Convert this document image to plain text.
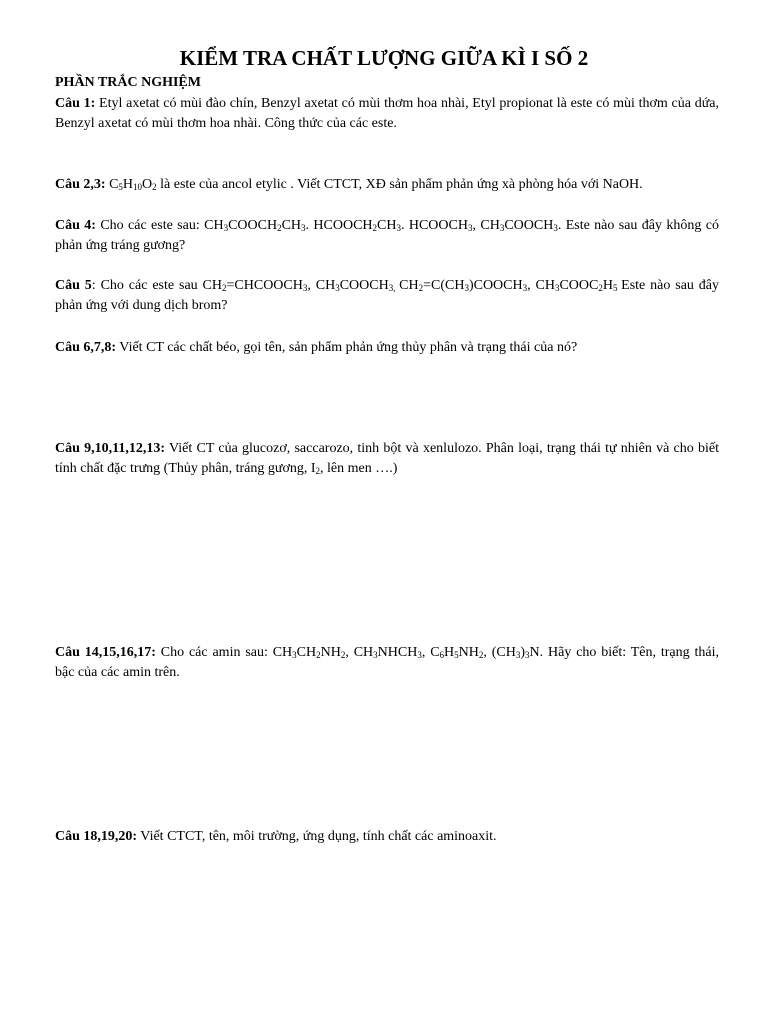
KIỂM TRA CHẤT LƯỢNG GIỮA KÌ I SỐ 2
PHẦN TRẮC NGHIỆM
Câu 1: Etyl axetat có mùi đào chín, Benzyl axetat có mùi thơm hoa nhài, Etyl propionat là este có mùi thơm của dứa, Benzyl axetat có mùi thơm hoa nhài. Công thức của các este.
Câu 2,3: $C_5H_{10}O_2$ là este của ancol etylic . Viết CTCT, XĐ sản phẩm phản ứng xà phòng hóa với NaOH.
Câu 4: Cho các este sau: $CH_3COOCH_2CH_3$. $HCOOCH_2CH_3$. $HCOOCH_3$, $CH_3COOCH_3$. Este nào sau đây không có phản ứng tráng gương?
Câu 5: Cho các este sau $CH_2=CHCOOCH_3$, $CH_3COOCH_{3,}$ $CH_2=C(CH_3)COOCH_3$, $CH_3COOC_2H_5$ Este nào sau đây phản ứng với dung dịch brom?
Câu 6,7,8: Viết CT các chất béo, gọi tên, sản phẩm phản ứng thủy phân và trạng thái của nó?
Câu 9,10,11,12,13: Viết CT của glucozơ, saccarozo, tinh bột và xenlulozo. Phân loại, trạng thái tự nhiên và cho biết tính chất đặc trưng (Thủy phân, tráng gương, $I_2$, lên men ….)
Câu 14,15,16,17: Cho các amin sau: $CH_3CH_2NH_2$, $CH_3NHCH_3$, $C_6H_5NH_2$, $(CH_3)_3N$. Hãy cho biết: Tên, trạng thái, bậc của các amin trên.
Câu 18,19,20: Viết CTCT, tên, môi trường, ứng dụng, tính chất các aminoaxit.
